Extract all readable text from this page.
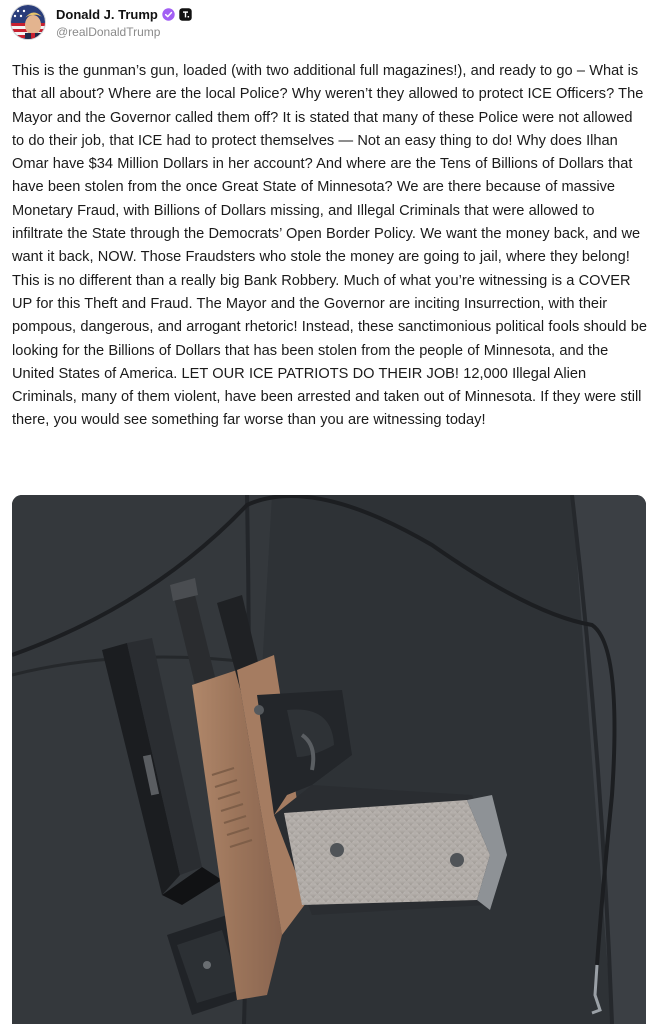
Donald J. Trump
@realDonaldTrump
This is the gunman’s gun, loaded (with two additional full magazines!), and ready to go – What is that all about? Where are the local Police? Why weren’t they allowed to protect ICE Officers? The Mayor and the Governor called them off? It is stated that many of these Police were not allowed to do their job, that ICE had to protect themselves — Not an easy thing to do! Why does Ilhan Omar have $34 Million Dollars in her account? And where are the Tens of Billions of Dollars that have been stolen from the once Great State of Minnesota? We are there because of massive Monetary Fraud, with Billions of Dollars missing, and Illegal Criminals that were allowed to infiltrate the State through the Democrats’ Open Border Policy. We want the money back, and we want it back, NOW. Those Fraudsters who stole the money are going to jail, where they belong! This is no different than a really big Bank Robbery. Much of what you’re witnessing is a COVER UP for this Theft and Fraud. The Mayor and the Governor are inciting Insurrection, with their pompous, dangerous, and arrogant rhetoric! Instead, these sanctimonious political fools should be looking for the Billions of Dollars that has been stolen from the people of Minnesota, and the United States of America. LET OUR ICE PATRIOTS DO THEIR JOB! 12,000 Illegal Alien Criminals, many of them violent, have been arrested and taken out of Minnesota. If they were still there, you would see something far worse than you are witnessing today!
